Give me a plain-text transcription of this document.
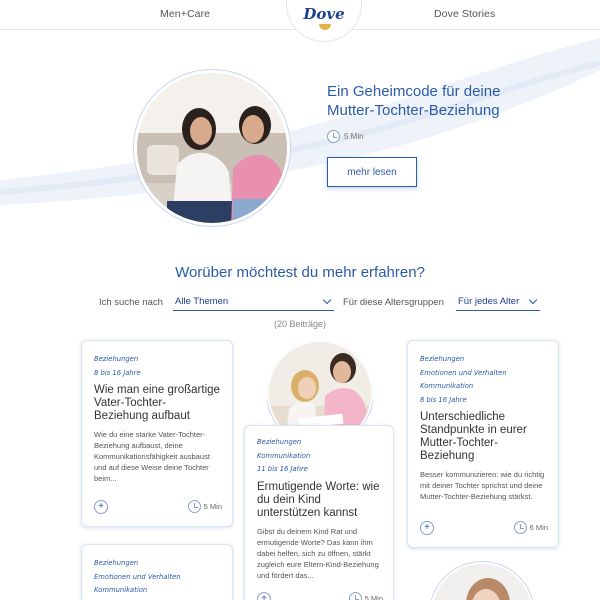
Men+Care	Dove Stories
Dove
Ein Geheimcode für deine Mutter-Tochter-Beziehung
5 Min
mehr lesen
Worüber möchtest du mehr erfahren?
Ich suche nach Alle Themen	Für diese Altersgruppen Für jedes Alter
(20 Beiträge)
Beziehungen
8 bis 16 Jahre
Wie man eine großartige Vater-Tochter-Beziehung aufbaut
Wie du eine starke Vater-Tochter-Beziehung aufbaust, deine Kommunikationsfähigkeit ausbaust und auf diese Weise deine Tochter beim...
+	5 Min
Beziehungen
Kommunikation
11 bis 16 Jahre
Ermutigende Worte: wie du dein Kind unterstützen kannst
Gibst du deinem Kind Rat und ermutigende Worte? Das kann ihm dabei helfen, sich zu öffnen, stärkt zugleich eure Eltern-Kind-Beziehung und fördert das...
+	5 Min
Beziehungen
Emotionen und Verhalten
Kommunikation
8 bis 16 Jahre
Unterschiedliche Standpunkte in eurer Mutter-Tochter-Beziehung
Besser kommunizieren: wie du richtig mit deiner Tochter sprichst und deine Mutter-Tochter-Beziehung stärkst.
+	6 Min
Beziehungen
Emotionen und Verhalten
Kommunikation
